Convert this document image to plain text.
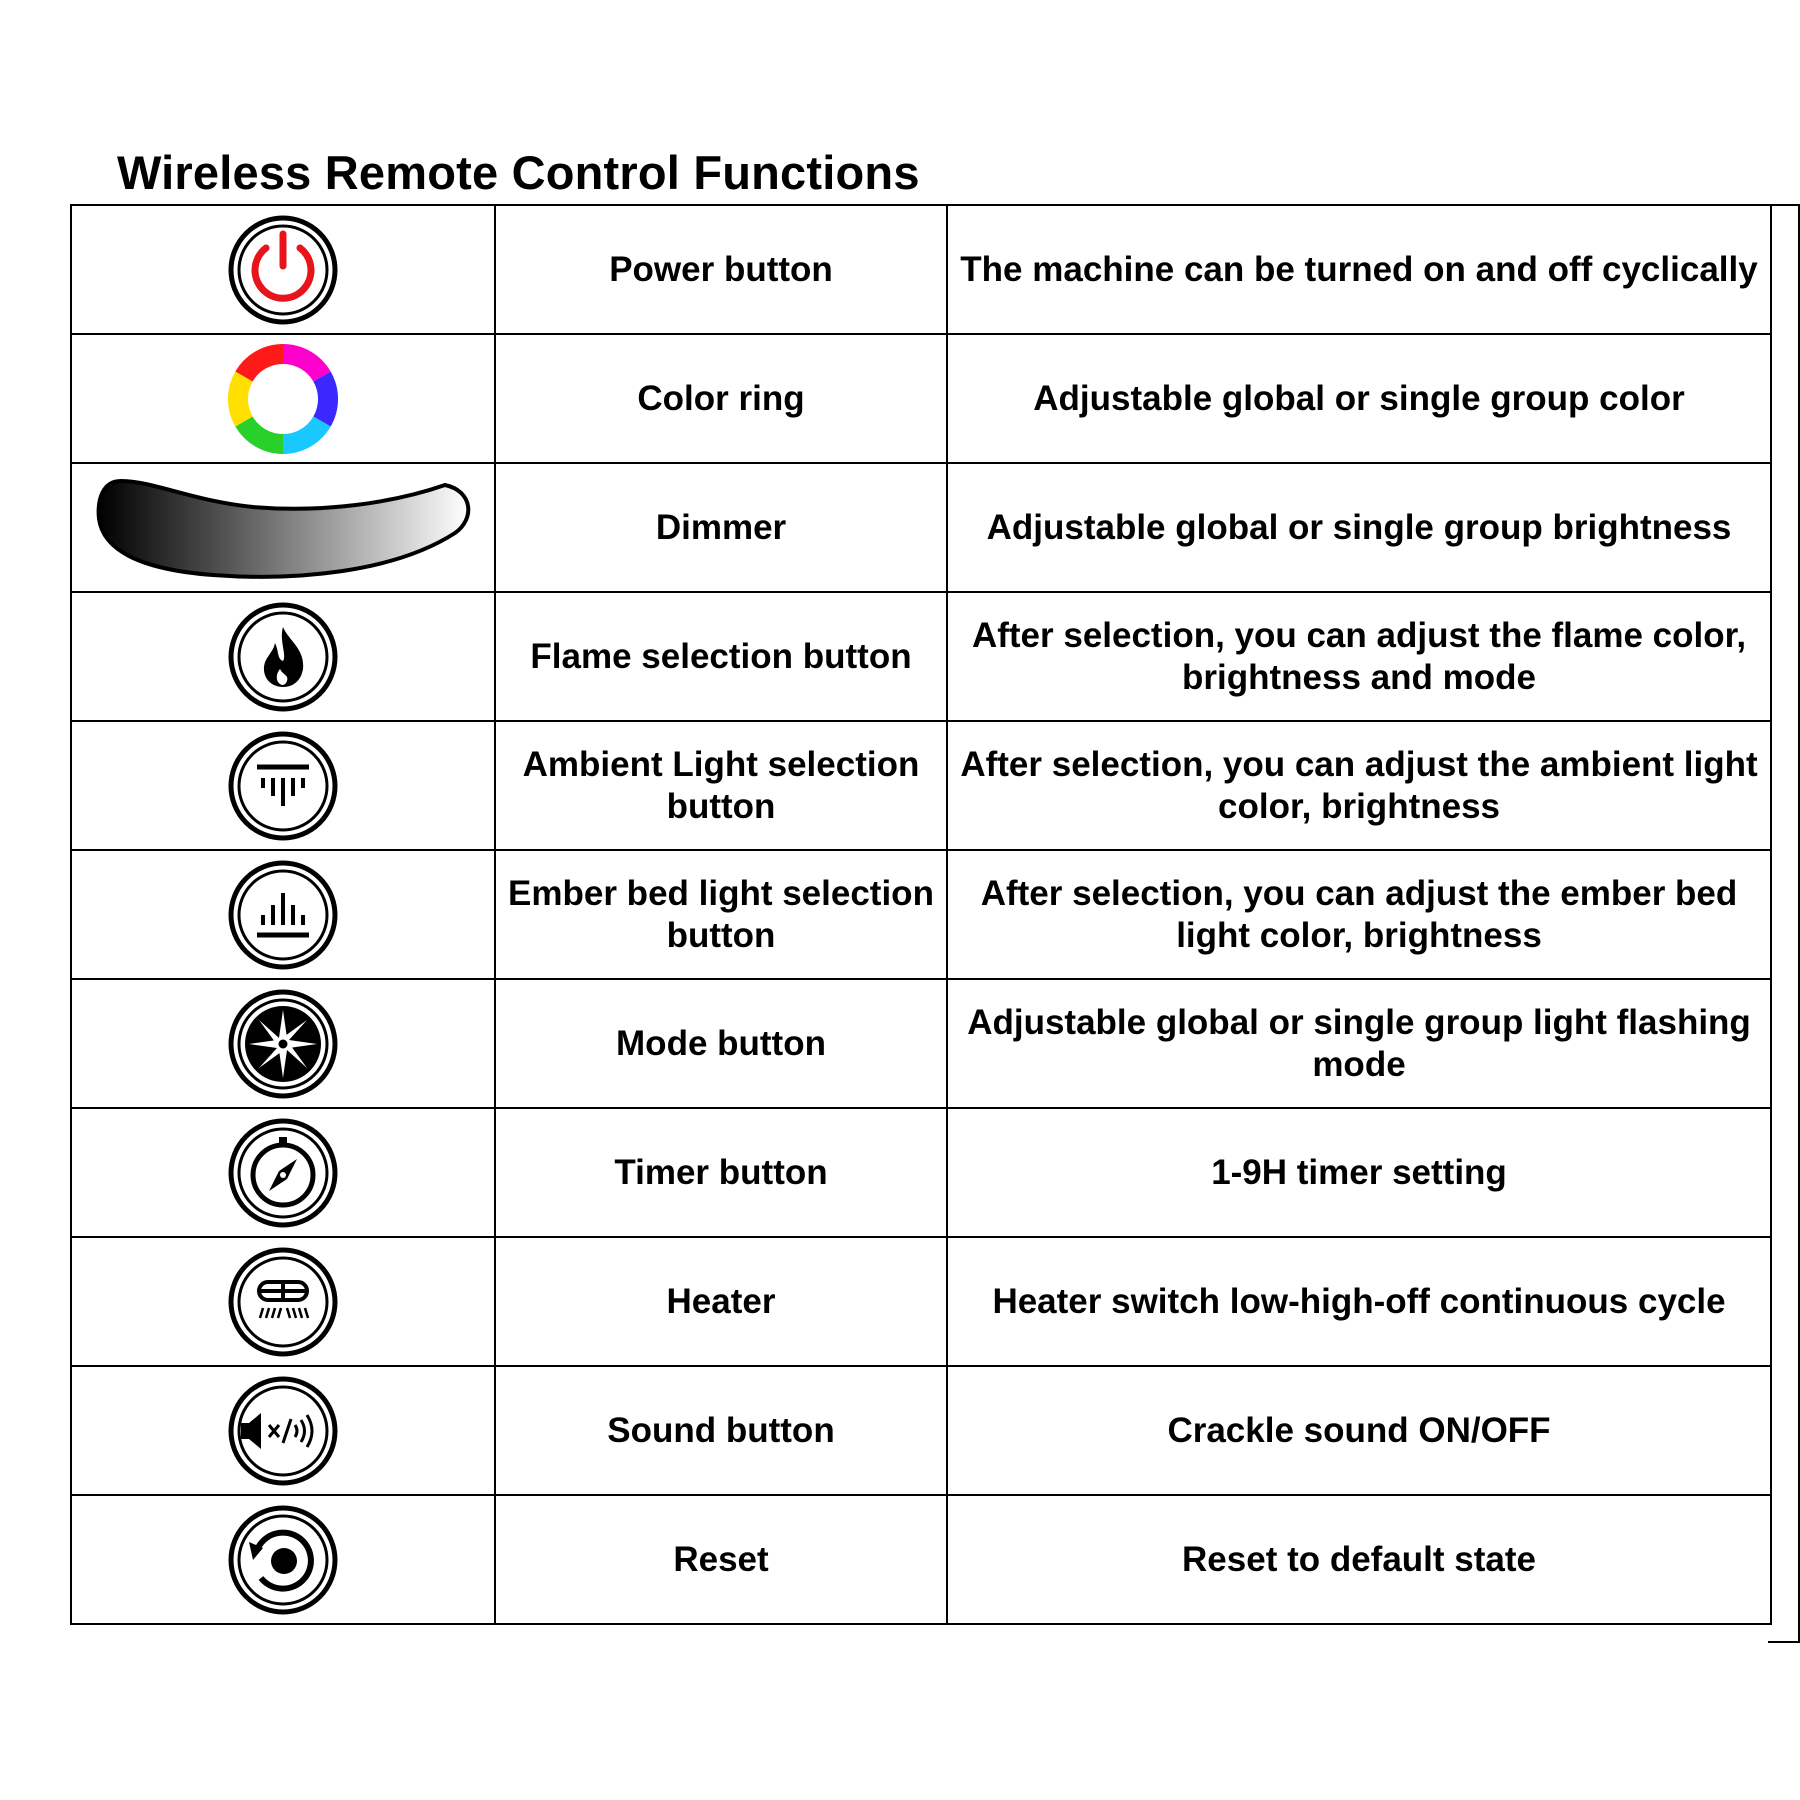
Wireless Remote Control Functions

Power button	The machine can be turned on and off cyclically

Color ring	Adjustable global or single group color

Dimmer	Adjustable global or single group brightness

Flame selection button	After selection, you can adjust the flame color, brightness and mode

Ambient Light selection button	After selection, you can adjust the ambient light color, brightness

Ember bed light selection button	After selection, you can adjust the ember bed light color, brightness

Mode button	Adjustable global or single group light flashing mode

Timer button	1-9H timer setting

Heater	Heater switch low-high-off continuous cycle

Sound button	Crackle sound ON/OFF

Reset	Reset to default state
